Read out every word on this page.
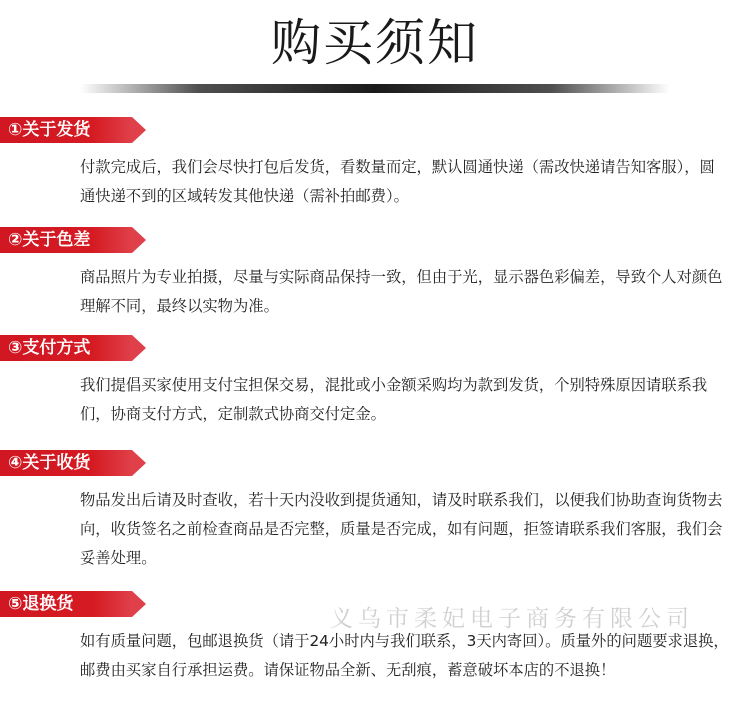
购买须知
①关于发货
付款完成后，我们会尽快打包后发货，看数量而定，默认圆通快递（需改快递请告知客服），圆通快递不到的区域转发其他快递（需补拍邮费）。
②关于色差
商品照片为专业拍摄，尽量与实际商品保持一致，但由于光，显示器色彩偏差，导致个人对颜色理解不同，最终以实物为准。
③支付方式
我们提倡买家使用支付宝担保交易，混批或小金额采购均为款到发货，个别特殊原因请联系我们，协商支付方式，定制款式协商交付定金。
④关于收货
物品发出后请及时查收，若十天内没收到提货通知，请及时联系我们，以便我们协助查询货物去向，收货签名之前检查商品是否完整，质量是否完成，如有问题，拒签请联系我们客服，我们会妥善处理。
⑤退换货
如有质量问题，包邮退换货（请于24小时内与我们联系，3天内寄回）。质量外的问题要求退换，邮费由买家自行承担运费。请保证物品全新、无刮痕，蓄意破坏本店的不退换！
义乌市柔妃电子商务有限公司
